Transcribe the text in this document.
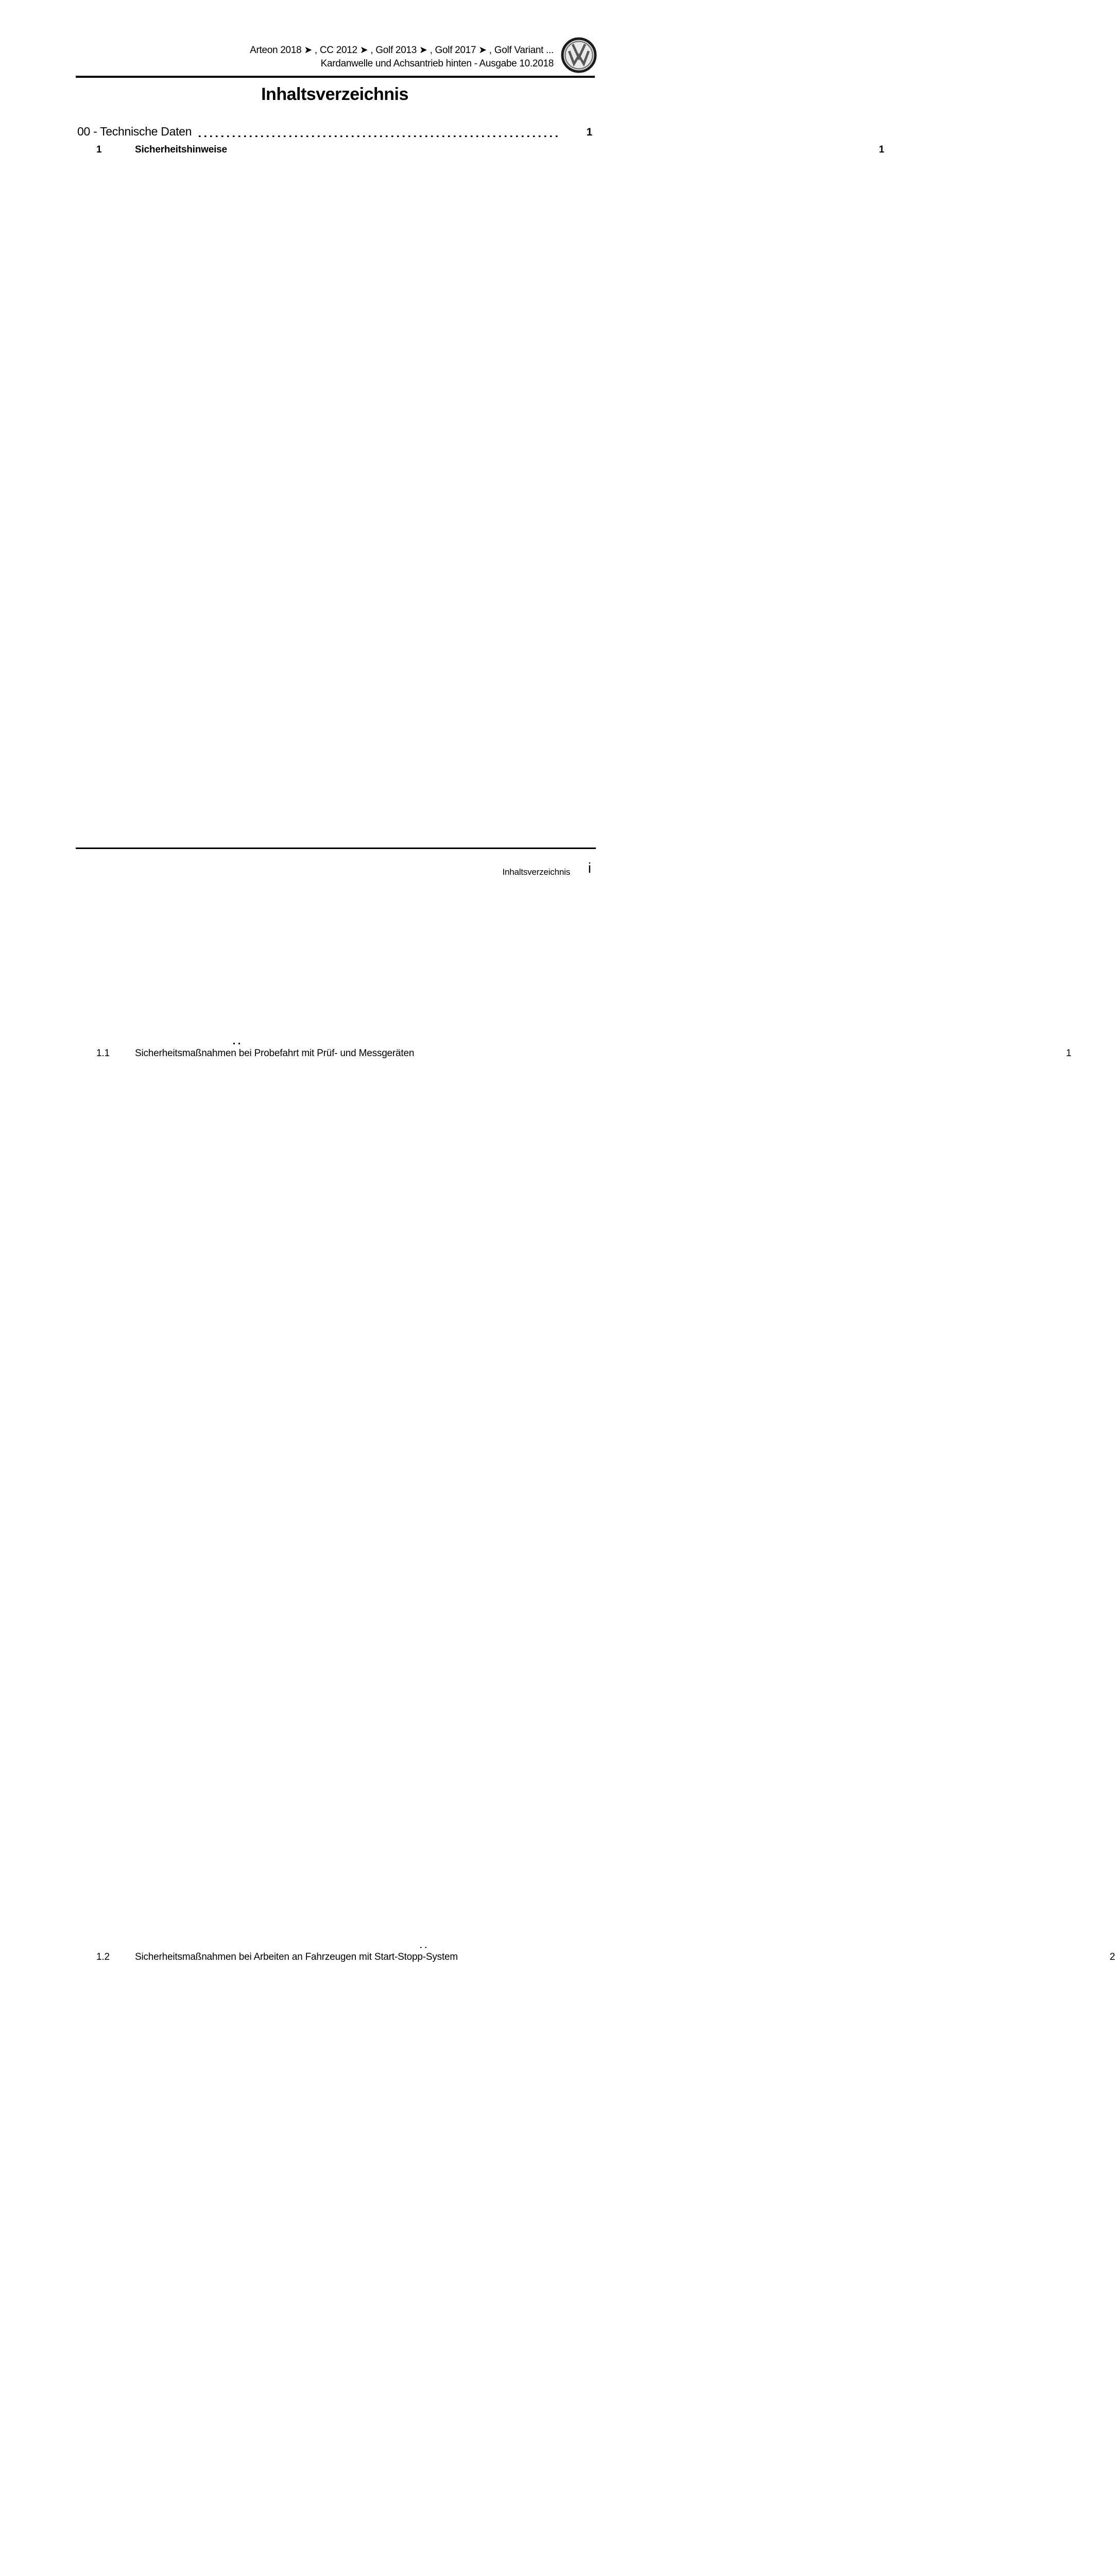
Arteon 2018 ➤ , CC 2012 ➤ , Golf 2013 ➤ , Golf 2017 ➤ , Golf Variant ...
Kardanwelle und Achsantrieb hinten - Ausgabe 10.2018
Inhaltsverzeichnis
00 - Technische Daten	1
1	Sicherheitshinweise	1
1.1	Sicherheitsmaßnahmen bei Probefahrt mit Prüf- und Messgeräten	1
1.2	Sicherheitsmaßnahmen bei Arbeiten an Fahrzeugen mit Start-Stopp-System	2
Inhaltsverzeichnis i
